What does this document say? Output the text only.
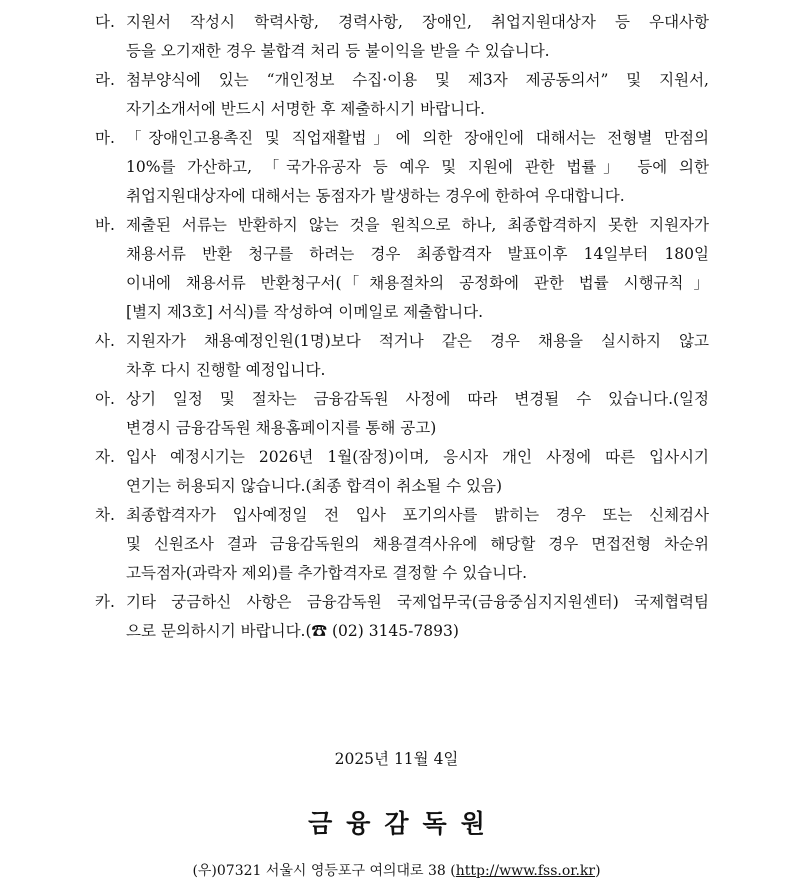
다. 지원서 작성시 학력사항, 경력사항, 장애인, 취업지원대상자 등 우대사항
등을 오기재한 경우 불합격 처리 등 불이익을 받을 수 있습니다.
라. 첨부양식에 있는 “개인정보 수집·이용 및 제3자 제공동의서” 및 지원서,
자기소개서에 반드시 서명한 후 제출하시기 바랍니다.
마. 「장애인고용촉진 및 직업재활법」에 의한 장애인에 대해서는 전형별 만점의
10%를 가산하고, 「국가유공자 등 예우 및 지원에 관한 법률」 등에 의한
취업지원대상자에 대해서는 동점자가 발생하는 경우에 한하여 우대합니다.
바. 제출된 서류는 반환하지 않는 것을 원칙으로 하나, 최종합격하지 못한 지원자가
채용서류 반환 청구를 하려는 경우 최종합격자 발표이후 14일부터 180일
이내에 채용서류 반환청구서(「채용절차의 공정화에 관한 법률 시행규칙」
[별지 제3호] 서식)를 작성하여 이메일로 제출합니다.
사. 지원자가 채용예정인원(1명)보다 적거나 같은 경우 채용을 실시하지 않고
차후 다시 진행할 예정입니다.
아. 상기 일정 및 절차는 금융감독원 사정에 따라 변경될 수 있습니다.(일정
변경시 금융감독원 채용홈페이지를 통해 공고)
자. 입사 예정시기는 2026년 1월(잠정)이며, 응시자 개인 사정에 따른 입사시기
연기는 허용되지 않습니다.(최종 합격이 취소될 수 있음)
차. 최종합격자가 입사예정일 전 입사 포기의사를 밝히는 경우 또는 신체검사
및 신원조사 결과 금융감독원의 채용결격사유에 해당할 경우 면접전형 차순위
고득점자(과락자 제외)를 추가합격자로 결정할 수 있습니다.
카. 기타 궁금하신 사항은 금융감독원 국제업무국(금융중심지지원센터) 국제협력팀
으로 문의하시기 바랍니다.(☎ (02) 3145-7893)
2025년 11월 4일
금융감독원
(우)07321 서울시 영등포구 여의대로 38 (http://www.fss.or.kr)
